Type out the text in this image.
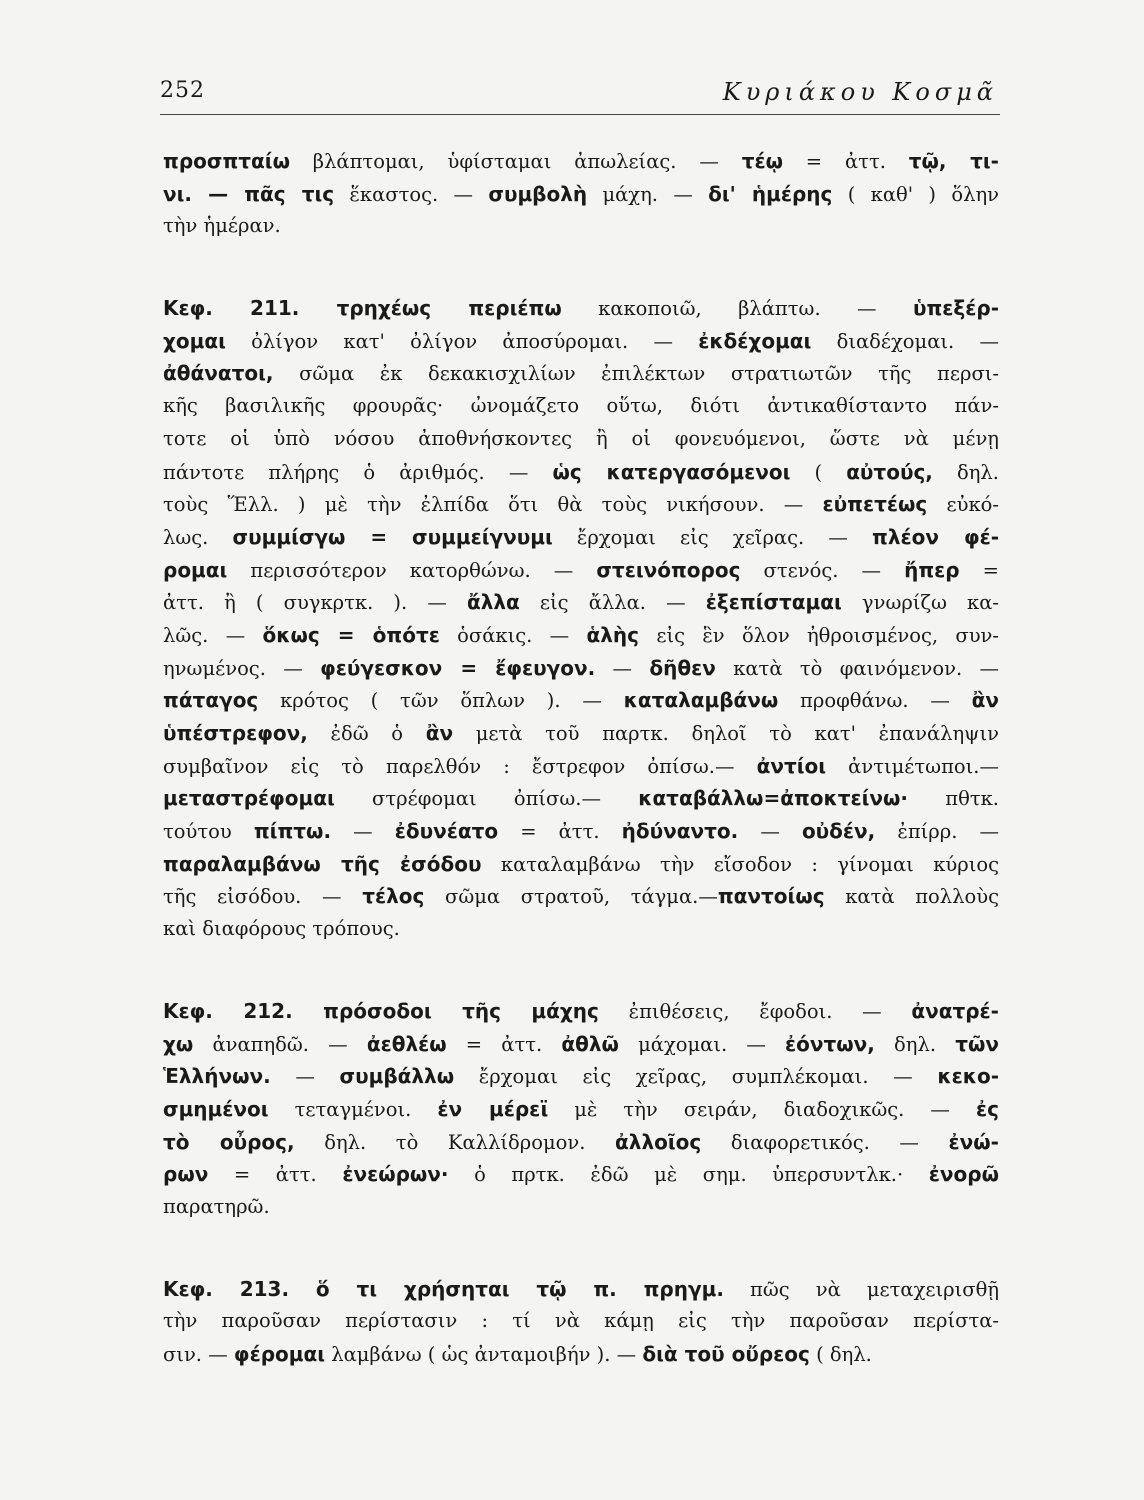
252	Κυριάκου Κοσμᾶ
προσπταίω βλάπτομαι, ὑφίσταμαι ἀπωλείας. — τέῳ = ἀττ. τῷ, τι-
νι. — πᾶς τις ἕκαστος. — συμβολὴ μάχη. — δι' ἡμέρης ( καθ' ) ὅλην
τὴν ἡμέραν.
Κεφ. 211. τρηχέως περιέπω κακοποιῶ, βλάπτω. — ὑπεξέρ-
χομαι ὀλίγον κατ' ὀλίγον ἀποσύρομαι. — ἐκδέχομαι διαδέχομαι. —
ἀθάνατοι, σῶμα ἐκ δεκακισχιλίων ἐπιλέκτων στρατιωτῶν τῆς περσι-
κῆς βασιλικῆς φρουρᾶς· ὠνομάζετο οὕτω, διότι ἀντικαθίσταντο πάν-
τοτε οἱ ὑπὸ νόσου ἀποθνήσκοντες ἢ οἱ φονευόμενοι, ὥστε νὰ μένῃ
πάντοτε πλήρης ὁ ἀριθμός. — ὡς κατεργασόμενοι ( αὐτούς, δηλ.
τοὺς Ἕλλ. ) μὲ τὴν ἐλπίδα ὅτι θὰ τοὺς νικήσουν. — εὐπετέως εὐκό-
λως. συμμίσγω = συμμείγνυμι ἔρχομαι εἰς χεῖρας. — πλέον φέ-
ρομαι περισσότερον κατορθώνω. — στεινόπορος στενός. — ἤπερ =
ἀττ. ἢ ( συγκρτκ. ). — ἄλλα εἰς ἄλλα. — ἐξεπίσταμαι γνωρίζω κα-
λῶς. — ὅκως = ὁπότε ὁσάκις. — ἁλὴς εἰς ἓν ὅλον ἠθροισμένος, συν-
ηνωμένος. — φεύγεσκον = ἔφευγον. — δῆθεν κατὰ τὸ φαινόμενον. —
πάταγος κρότος ( τῶν ὅπλων ). — καταλαμβάνω προφθάνω. — ἂν
ὑπέστρεφον, ἐδῶ ὁ ἂν μετὰ τοῦ παρτκ. δηλοῖ τὸ κατ' ἐπανάληψιν
συμβαῖνον εἰς τὸ παρελθόν : ἔστρεφον ὀπίσω.— ἀντίοι ἀντιμέτωποι.—
μεταστρέφομαι στρέφομαι ὀπίσω.— καταβάλλω=ἀποκτείνω· πθτκ.
τούτου πίπτω. — ἐδυνέατο = ἀττ. ἠδύναντο. — οὐδέν, ἐπίρρ. —
παραλαμβάνω τῆς ἐσόδου καταλαμβάνω τὴν εἴσοδον : γίνομαι κύριος
τῆς εἰσόδου. — τέλος σῶμα στρατοῦ, τάγμα.—παντοίως κατὰ πολλοὺς
καὶ διαφόρους τρόπους.
Κεφ. 212. πρόσοδοι τῆς μάχης ἐπιθέσεις, ἔφοδοι. — ἀνατρέ-
χω ἀναπηδῶ. — ἀεθλέω = ἀττ. ἀθλῶ μάχομαι. — ἐόντων, δηλ. τῶν
Ἑλλήνων. — συμβάλλω ἔρχομαι εἰς χεῖρας, συμπλέκομαι. — κεκο-
σμημένοι τεταγμένοι. ἐν μέρεϊ μὲ τὴν σειράν, διαδοχικῶς. — ἐς
τὸ οὖρος, δηλ. τὸ Καλλίδρομον. ἀλλοῖος διαφορετικός. — ἐνώ-
ρων = ἀττ. ἐνεώρων· ὁ πρτκ. ἐδῶ μὲ σημ. ὑπερσυντλκ.· ἐνορῶ
παρατηρῶ.
Κεφ. 213. ὅ τι χρήσηται τῷ π. πρηγμ. πῶς νὰ μεταχειρισθῇ
τὴν παροῦσαν περίστασιν : τί νὰ κάμῃ εἰς τὴν παροῦσαν περίστα-
σιν. — φέρομαι λαμβάνω ( ὡς ἀνταμοιβήν ). — διὰ τοῦ οὔρεος ( δηλ.
